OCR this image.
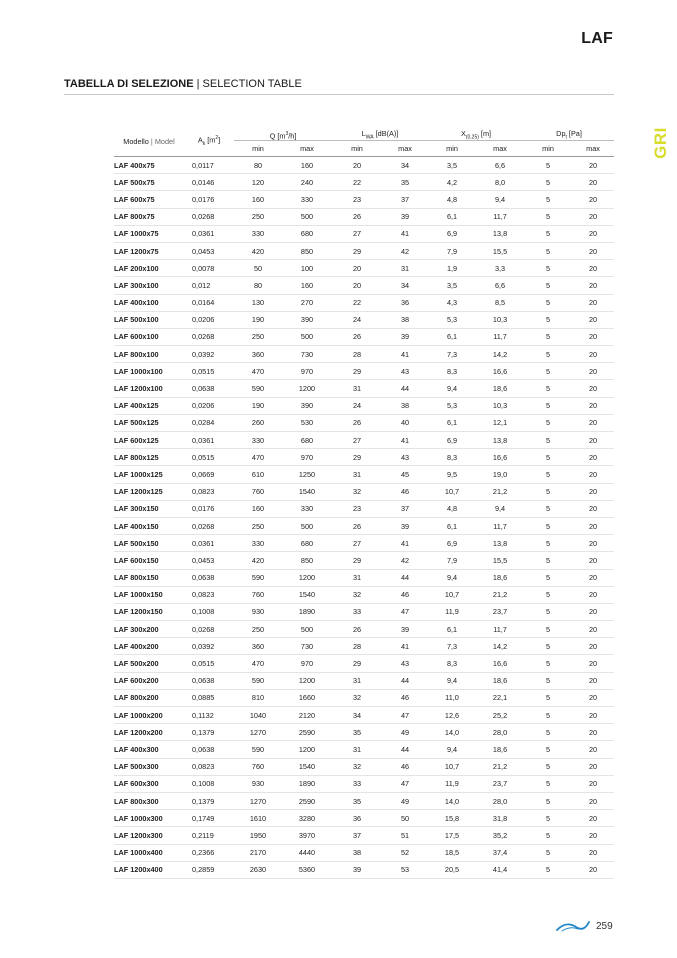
LAF
TABELLA DI SELEZIONE | SELECTION TABLE
GRI
Modello | Model	$A_k$ $[m^2]$	Q $[m^3/h]$		$L_{WA}$ [dB(A)]		$X_{(0,25)}$ [m]		$Dp_t$ [Pa]	
		min	max	min	max	min	max	min	max
LAF 400x75	0,0117	80	160	20	34	3,5	6,6	5	20
LAF 500x75	0,0146	120	240	22	35	4,2	8,0	5	20
LAF 600x75	0,0176	160	330	23	37	4,8	9,4	5	20
LAF 800x75	0,0268	250	500	26	39	6,1	11,7	5	20
LAF 1000x75	0,0361	330	680	27	41	6,9	13,8	5	20
LAF 1200x75	0,0453	420	850	29	42	7,9	15,5	5	20
LAF 200x100	0,0078	50	100	20	31	1,9	3,3	5	20
LAF 300x100	0,012	80	160	20	34	3,5	6,6	5	20
LAF 400x100	0,0164	130	270	22	36	4,3	8,5	5	20
LAF 500x100	0,0206	190	390	24	38	5,3	10,3	5	20
LAF 600x100	0,0268	250	500	26	39	6,1	11,7	5	20
LAF 800x100	0,0392	360	730	28	41	7,3	14,2	5	20
LAF 1000x100	0,0515	470	970	29	43	8,3	16,6	5	20
LAF 1200x100	0,0638	590	1200	31	44	9,4	18,6	5	20
LAF 400x125	0,0206	190	390	24	38	5,3	10,3	5	20
LAF 500x125	0,0284	260	530	26	40	6,1	12,1	5	20
LAF 600x125	0,0361	330	680	27	41	6,9	13,8	5	20
LAF 800x125	0,0515	470	970	29	43	8,3	16,6	5	20
LAF 1000x125	0,0669	610	1250	31	45	9,5	19,0	5	20
LAF 1200x125	0,0823	760	1540	32	46	10,7	21,2	5	20
LAF 300x150	0,0176	160	330	23	37	4,8	9,4	5	20
LAF 400x150	0,0268	250	500	26	39	6,1	11,7	5	20
LAF 500x150	0,0361	330	680	27	41	6,9	13,8	5	20
LAF 600x150	0,0453	420	850	29	42	7,9	15,5	5	20
LAF 800x150	0,0638	590	1200	31	44	9,4	18,6	5	20
LAF 1000x150	0,0823	760	1540	32	46	10,7	21,2	5	20
LAF 1200x150	0,1008	930	1890	33	47	11,9	23,7	5	20
LAF 300x200	0,0268	250	500	26	39	6,1	11,7	5	20
LAF 400x200	0,0392	360	730	28	41	7,3	14,2	5	20
LAF 500x200	0,0515	470	970	29	43	8,3	16,6	5	20
LAF 600x200	0,0638	590	1200	31	44	9,4	18,6	5	20
LAF 800x200	0,0885	810	1660	32	46	11,0	22,1	5	20
LAF 1000x200	0,1132	1040	2120	34	47	12,6	25,2	5	20
LAF 1200x200	0,1379	1270	2590	35	49	14,0	28,0	5	20
LAF 400x300	0,0638	590	1200	31	44	9,4	18,6	5	20
LAF 500x300	0,0823	760	1540	32	46	10,7	21,2	5	20
LAF 600x300	0,1008	930	1890	33	47	11,9	23,7	5	20
LAF 800x300	0,1379	1270	2590	35	49	14,0	28,0	5	20
LAF 1000x300	0,1749	1610	3280	36	50	15,8	31,8	5	20
LAF 1200x300	0,2119	1950	3970	37	51	17,5	35,2	5	20
LAF 1000x400	0,2366	2170	4440	38	52	18,5	37,4	5	20
LAF 1200x400	0,2859	2630	5360	39	53	20,5	41,4	5	20
259
